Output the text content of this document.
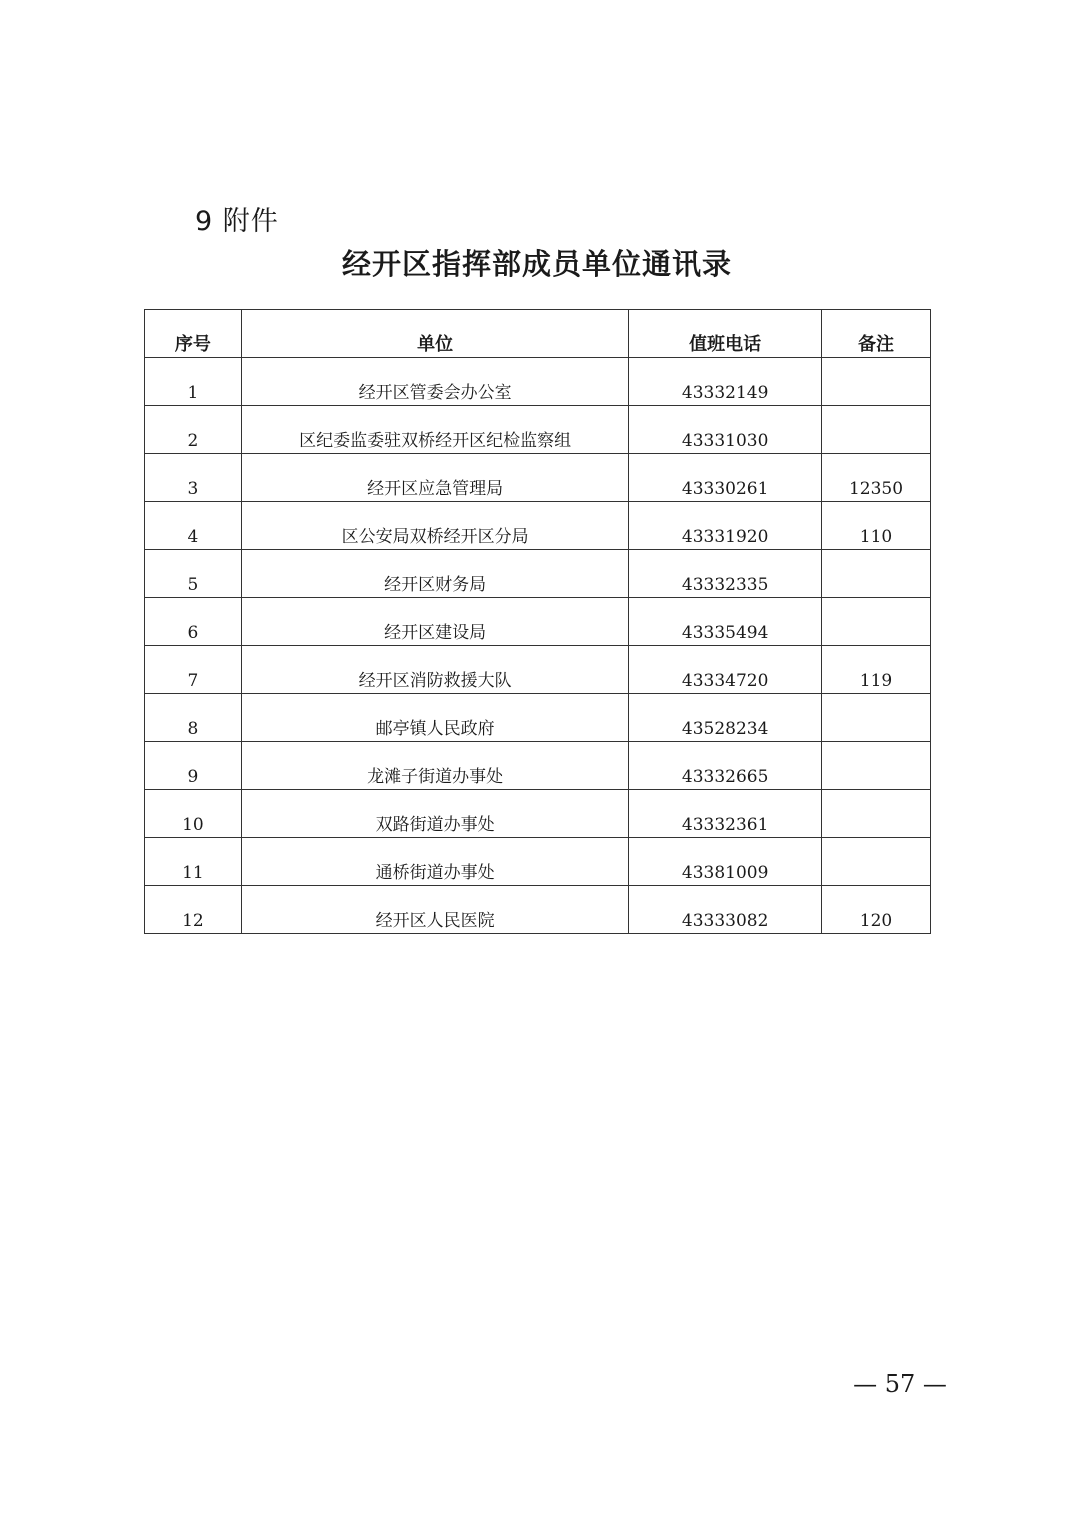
9 附件
经开区指挥部成员单位通讯录
序号	单位	值班电话	备注
1	经开区管委会办公室	43332149	
2	区纪委监委驻双桥经开区纪检监察组	43331030	
3	经开区应急管理局	43330261	12350
4	区公安局双桥经开区分局	43331920	110
5	经开区财务局	43332335	
6	经开区建设局	43335494	
7	经开区消防救援大队	43334720	119
8	邮亭镇人民政府	43528234	
9	龙滩子街道办事处	43332665	
10	双路街道办事处	43332361	
11	通桥街道办事处	43381009	
12	经开区人民医院	43333082	120
— 57 —
